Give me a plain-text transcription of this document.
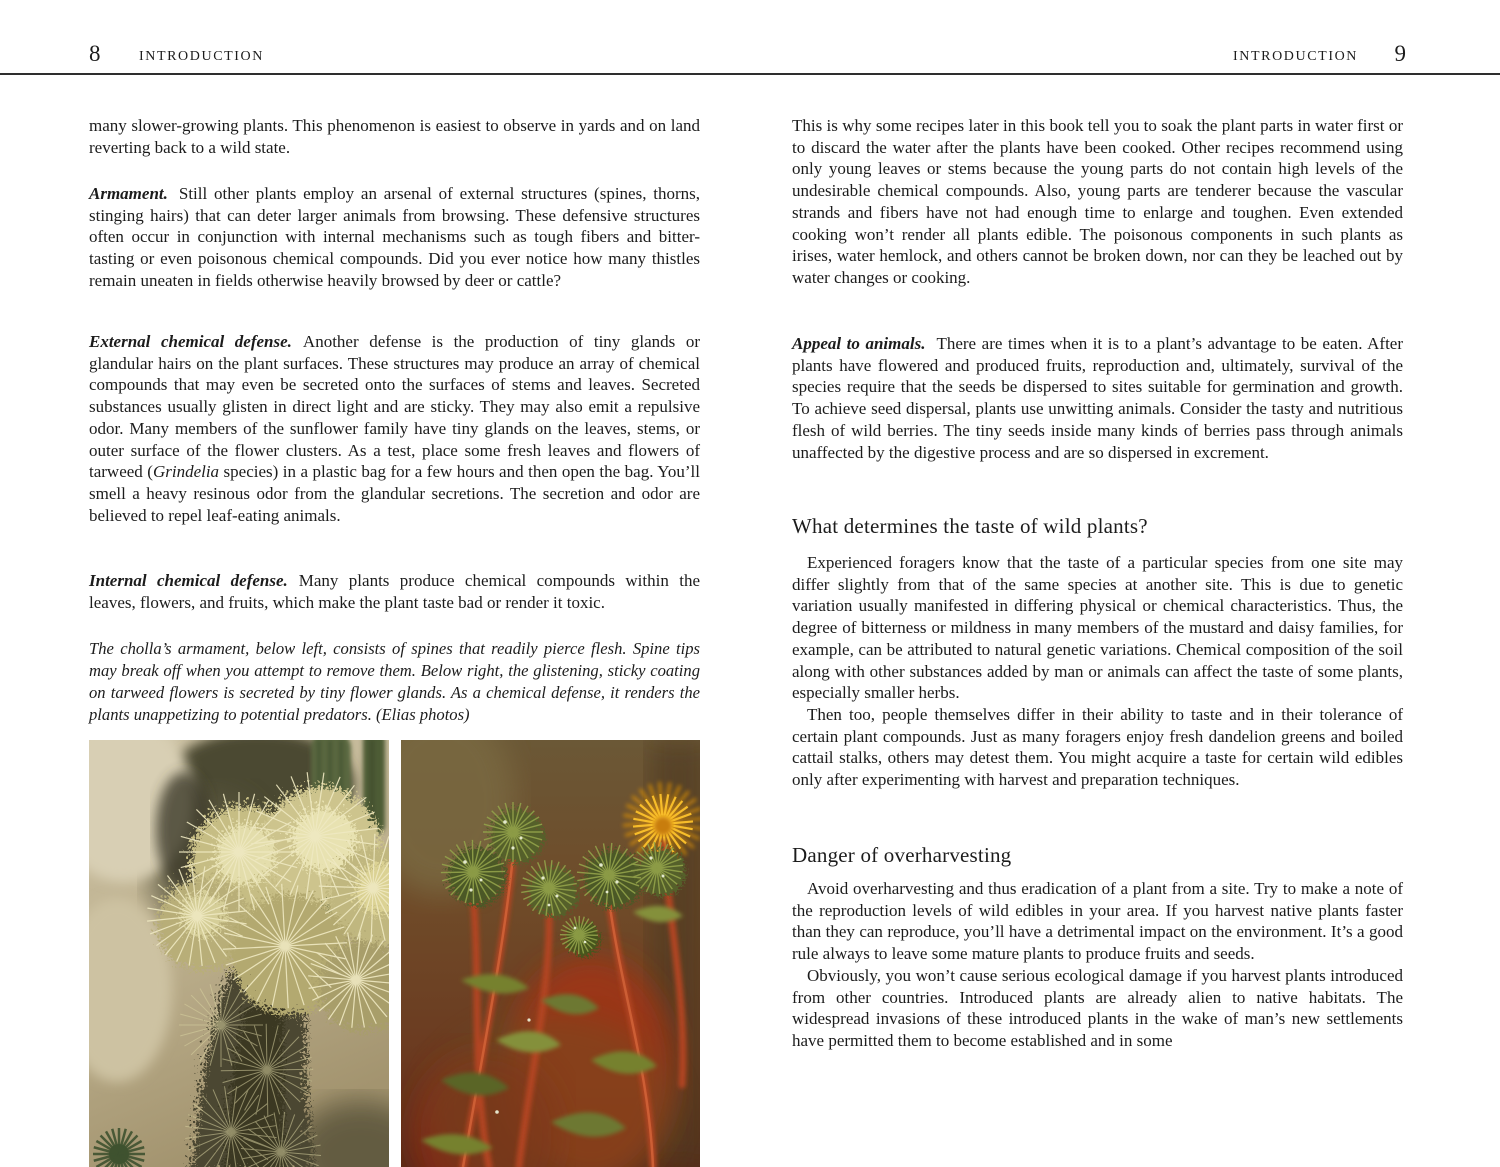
8	INTRODUCTION	INTRODUCTION 9

many slower-growing plants. This phenomenon is easiest to observe in yards and on land reverting back to a wild state.

Armament. Still other plants employ an arsenal of external structures (spines, thorns, stinging hairs) that can deter larger animals from browsing. These defensive structures often occur in conjunction with internal mechanisms such as tough fibers and bitter-tasting or even poisonous chemical compounds. Did you ever notice how many thistles remain uneaten in fields otherwise heavily browsed by deer or cattle?

External chemical defense. Another defense is the production of tiny glands or glandular hairs on the plant surfaces. These structures may produce an array of chemical compounds that may even be secreted onto the surfaces of stems and leaves. Secreted substances usually glisten in direct light and are sticky. They may also emit a repulsive odor. Many members of the sunflower family have tiny glands on the leaves, stems, or outer surface of the flower clusters. As a test, place some fresh leaves and flowers of tarweed (Grindelia species) in a plastic bag for a few hours and then open the bag. You’ll smell a heavy resinous odor from the glandular secretions. The secretion and odor are believed to repel leaf-eating animals.

Internal chemical defense. Many plants produce chemical compounds within the leaves, flowers, and fruits, which make the plant taste bad or render it toxic.

The cholla’s armament, below left, consists of spines that readily pierce flesh. Spine tips may break off when you attempt to remove them. Below right, the glistening, sticky coating on tarweed flowers is secreted by tiny flower glands. As a chemical defense, it renders the plants unappetizing to potential predators. (Elias photos)

This is why some recipes later in this book tell you to soak the plant parts in water first or to discard the water after the plants have been cooked. Other recipes recommend using only young leaves or stems because the young parts do not contain high levels of the undesirable chemical compounds. Also, young parts are tenderer because the vascular strands and fibers have not had enough time to enlarge and toughen. Even extended cooking won’t render all plants edible. The poisonous components in such plants as irises, water hemlock, and others cannot be broken down, nor can they be leached out by water changes or cooking.

Appeal to animals. There are times when it is to a plant’s advantage to be eaten. After plants have flowered and produced fruits, reproduction and, ultimately, survival of the species require that the seeds be dispersed to sites suitable for germination and growth. To achieve seed dispersal, plants use unwitting animals. Consider the tasty and nutritious flesh of wild berries. The tiny seeds inside many kinds of berries pass through animals unaffected by the digestive process and are so dispersed in excrement.

What determines the taste of wild plants?

Experienced foragers know that the taste of a particular species from one site may differ slightly from that of the same species at another site. This is due to genetic variation usually manifested in differing physical or chemical characteristics. Thus, the degree of bitterness or mildness in many members of the mustard and daisy families, for example, can be attributed to natural genetic variations. Chemical composition of the soil along with other substances added by man or animals can affect the taste of some plants, especially smaller herbs.

Then too, people themselves differ in their ability to taste and in their tolerance of certain plant compounds. Just as many foragers enjoy fresh dandelion greens and boiled cattail stalks, others may detest them. You might acquire a taste for certain wild edibles only after experimenting with harvest and preparation techniques.

Danger of overharvesting

Avoid overharvesting and thus eradication of a plant from a site. Try to make a note of the reproduction levels of wild edibles in your area. If you harvest native plants faster than they can reproduce, you’ll have a detrimental impact on the environment. It’s a good rule always to leave some mature plants to produce fruits and seeds.

Obviously, you won’t cause serious ecological damage if you harvest plants introduced from other countries. Introduced plants are already alien to native habitats. The widespread invasions of these introduced plants in the wake of man’s new settlements have permitted them to become established and in some
